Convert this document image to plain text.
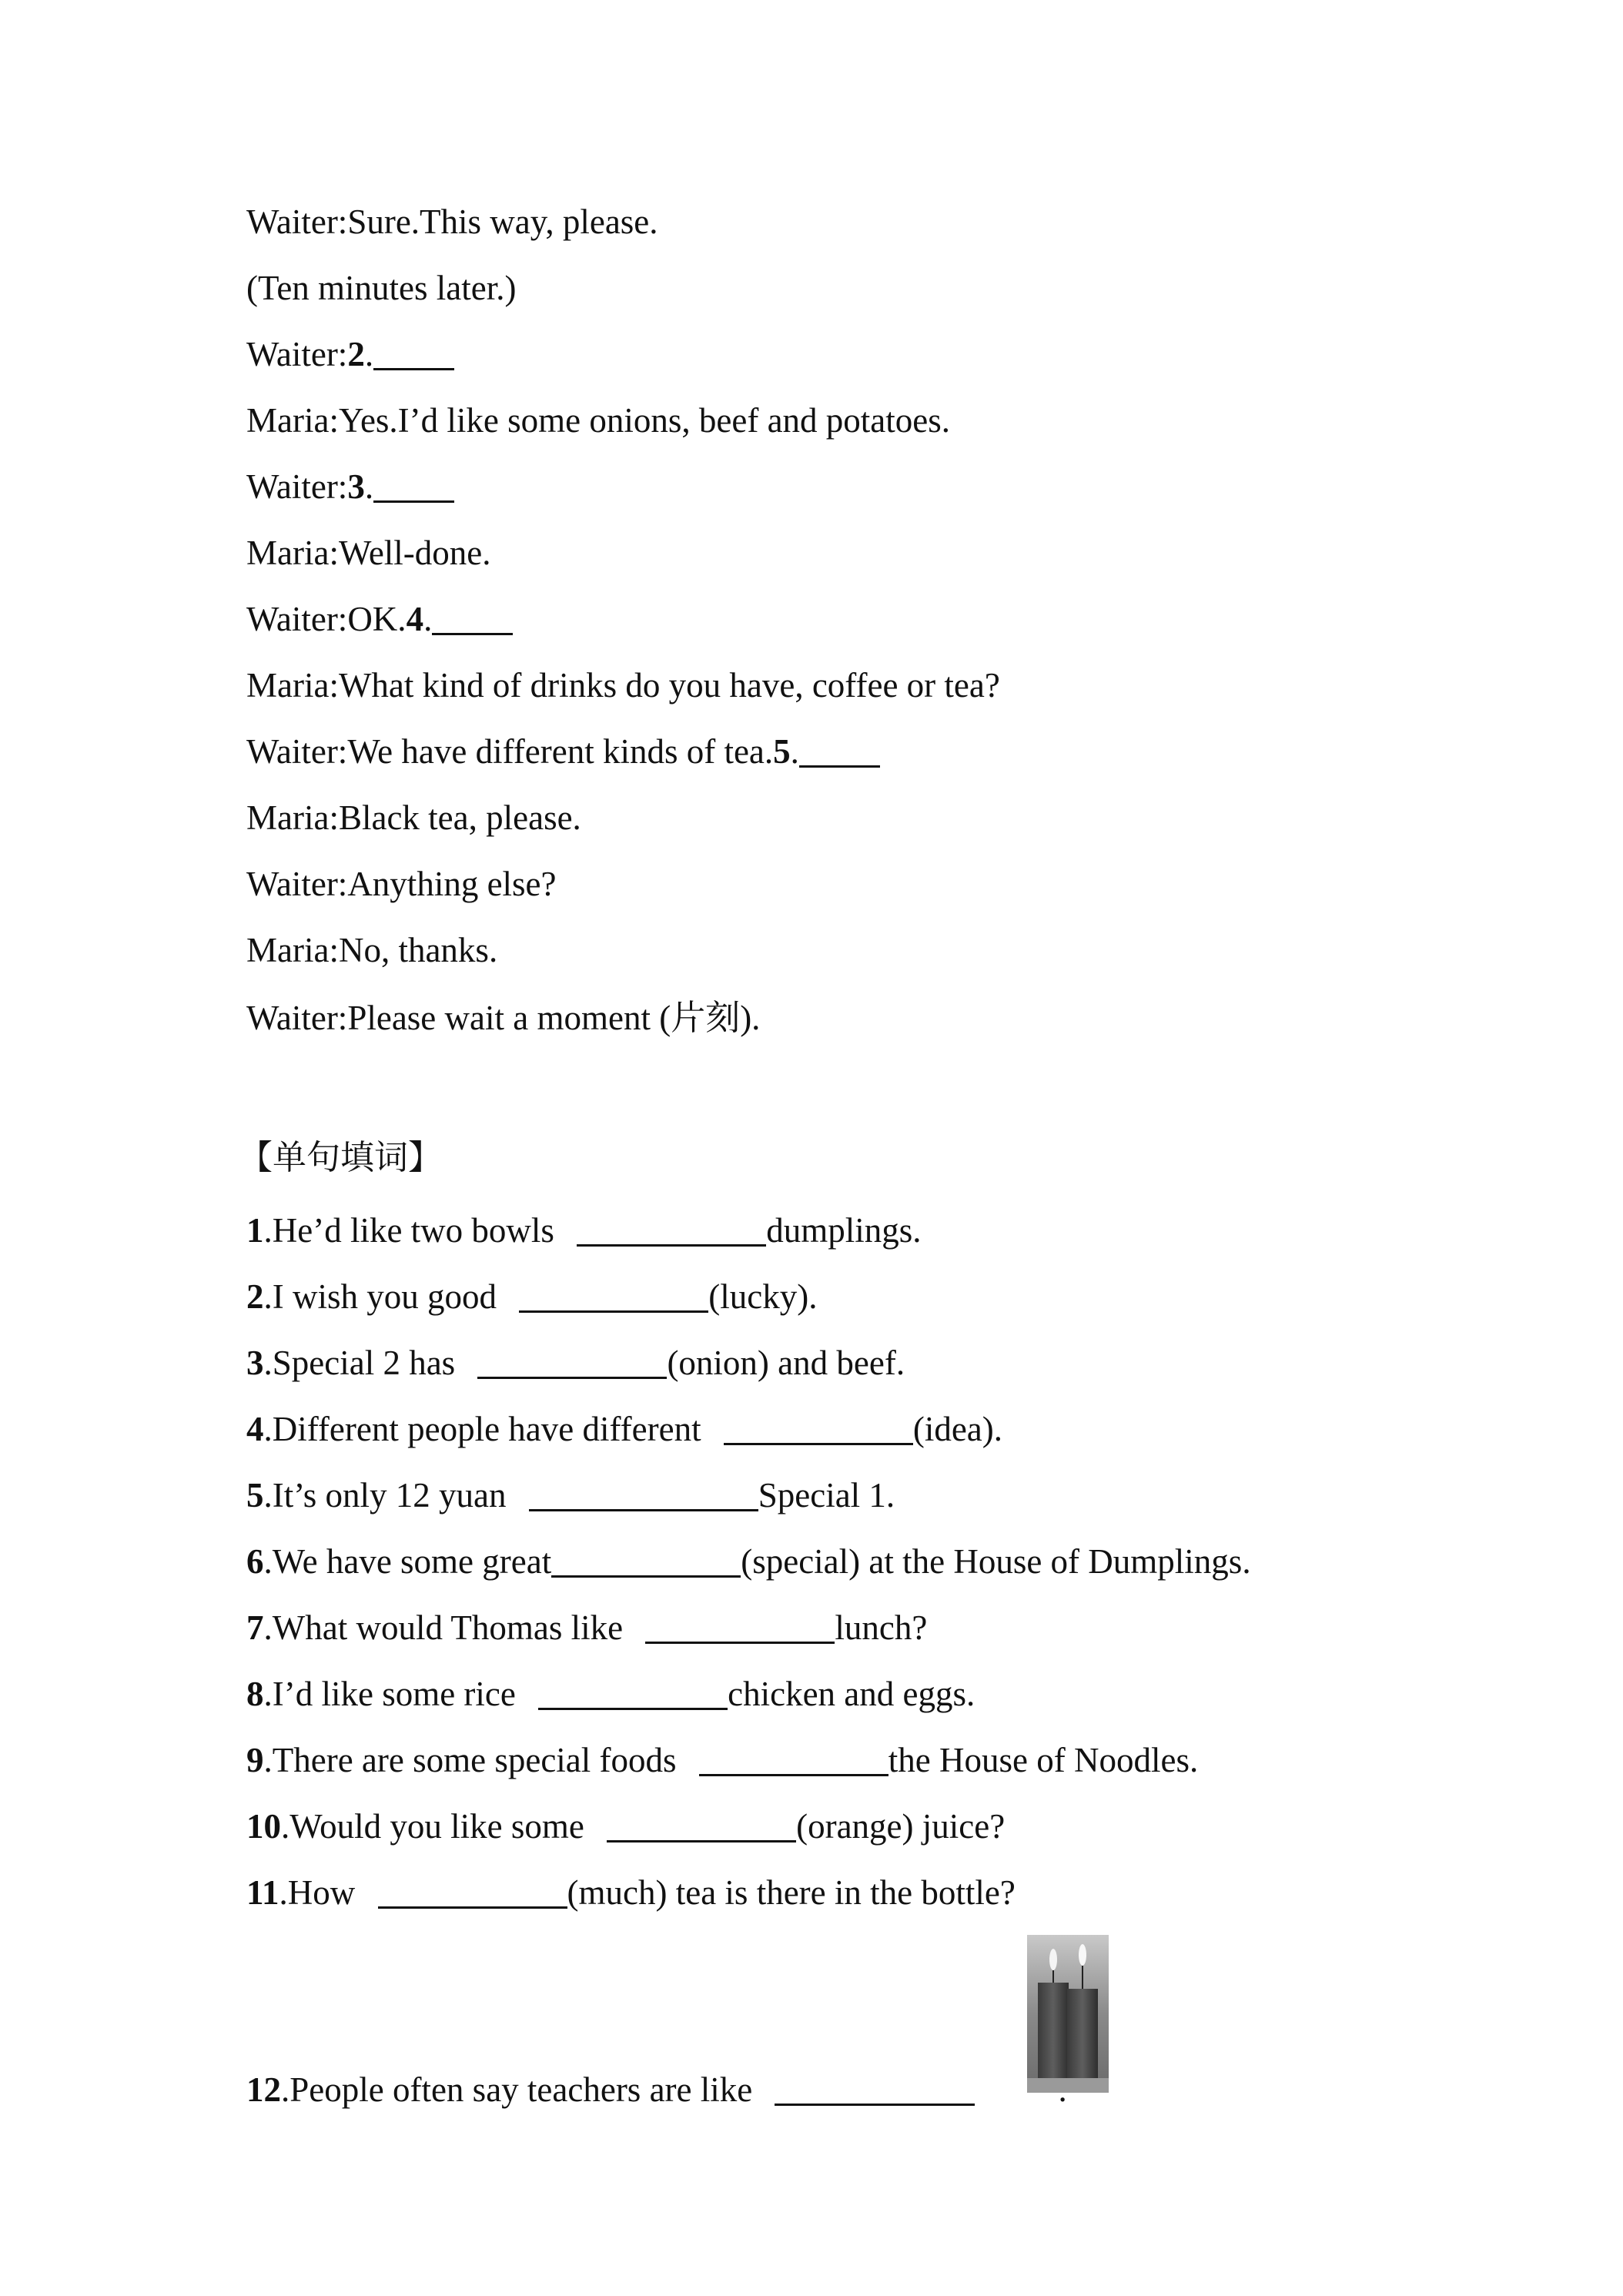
Waiter:Sure.This way, please.
(Ten minutes later.)
Waiter:2.
Maria:Yes.I’d like some onions, beef and potatoes.
Waiter:3.
Maria:Well-done.
Waiter:OK.4.
Maria:What kind of drinks do you have, coffee or tea?
Waiter:We have different kinds of tea.5.
Maria:Black tea, please.
Waiter:Anything else?
Maria:No, thanks.
Waiter:Please wait a moment (片刻).
【单句填词】
1.He’d like two bowls	dumplings.
2.I wish you good	(lucky).
3.Special 2 has	(onion) and beef.
4.Different people have different	(idea).
5.It’s only 12 yuan	Special 1.
6.We have some great	(special) at the House of Dumplings.
7.What would Thomas like	lunch?
8.I’d like some rice	chicken and eggs.
9.There are some special foods	the House of Noodles.
10.Would you like some	(orange) juice?
11.How	(much) tea is there in the bottle?
12.People often say teachers are like
